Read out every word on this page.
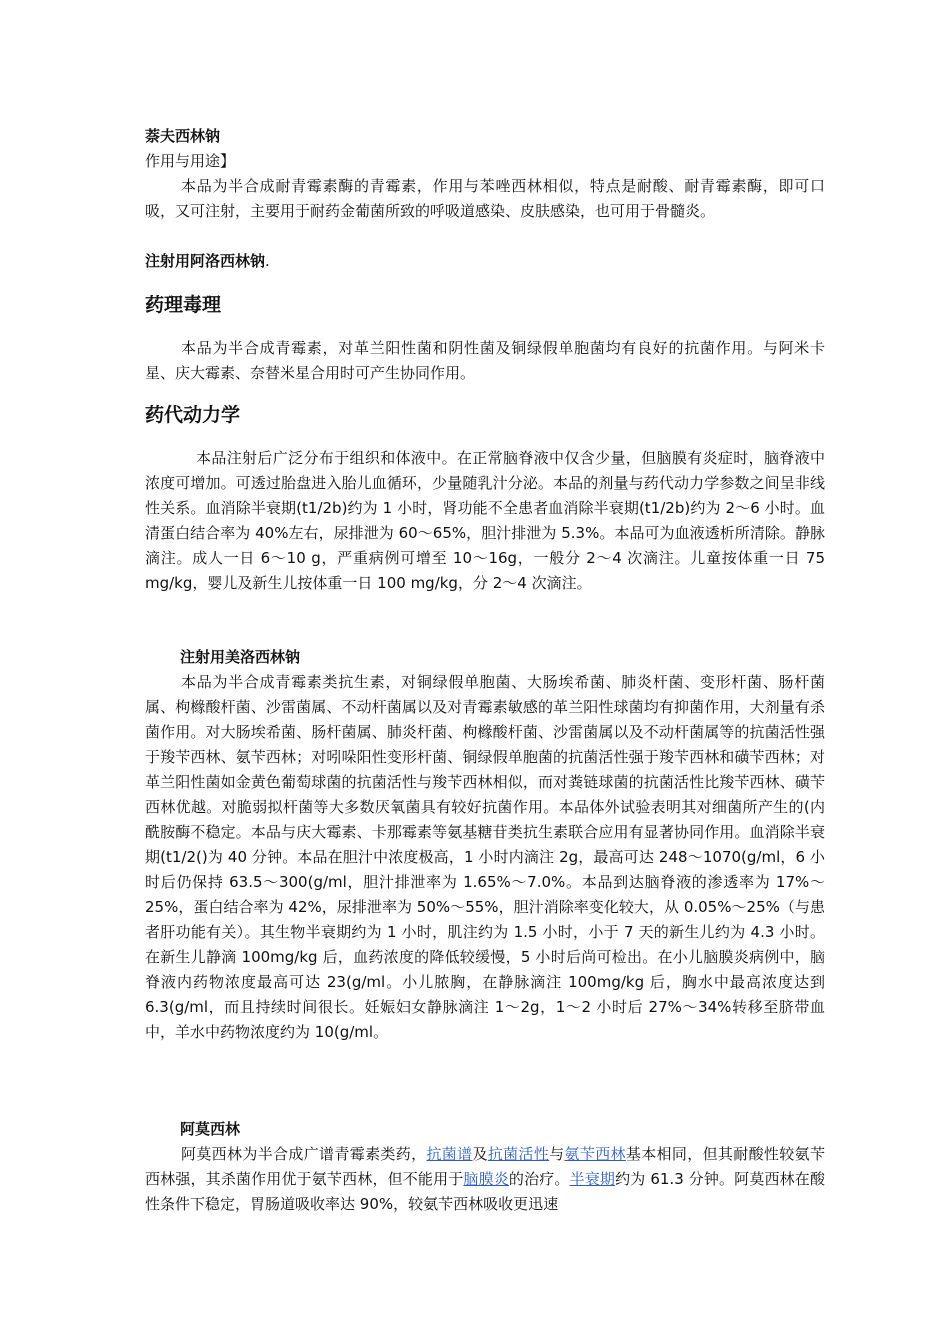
萘夫西林钠

作用与用途】

本品为半合成耐青霉素酶的青霉素，作用与苯唑西林相似，特点是耐酸、耐青霉素酶，即可口吸，又可注射，主要用于耐药金葡菌所致的呼吸道感染、皮肤感染，也可用于骨髓炎。

注射用阿洛西林钠.

药理毒理

本品为半合成青霉素，对革兰阳性菌和阴性菌及铜绿假单胞菌均有良好的抗菌作用。与阿米卡星、庆大霉素、奈替米星合用时可产生协同作用。

药代动力学

本品注射后广泛分布于组织和体液中。在正常脑脊液中仅含少量，但脑膜有炎症时，脑脊液中浓度可增加。可透过胎盘进入胎儿血循环，少量随乳汁分泌。本品的剂量与药代动力学参数之间呈非线性关系。血消除半衰期(t1/2b)约为 1 小时，肾功能不全患者血消除半衰期(t1/2b)约为 2～6 小时。血清蛋白结合率为 40%左右，尿排泄为 60～65%，胆汁排泄为 5.3%。本品可为血液透析所清除。静脉滴注。成人一日 6～10 g，严重病例可增至 10～16g，一般分 2～4 次滴注。儿童按体重一日 75 mg/kg，婴儿及新生儿按体重一日 100 mg/kg，分 2～4 次滴注。

注射用美洛西林钠

本品为半合成青霉素类抗生素，对铜绿假单胞菌、大肠埃希菌、肺炎杆菌、变形杆菌、肠杆菌属、枸橼酸杆菌、沙雷菌属、不动杆菌属以及对青霉素敏感的革兰阳性球菌均有抑菌作用，大剂量有杀菌作用。对大肠埃希菌、肠杆菌属、肺炎杆菌、枸橼酸杆菌、沙雷菌属以及不动杆菌属等的抗菌活性强于羧苄西林、氨苄西林；对吲哚阳性变形杆菌、铜绿假单胞菌的抗菌活性强于羧苄西林和磺苄西林；对革兰阳性菌如金黄色葡萄球菌的抗菌活性与羧苄西林相似，而对粪链球菌的抗菌活性比羧苄西林、磺苄西林优越。对脆弱拟杆菌等大多数厌氧菌具有较好抗菌作用。本品体外试验表明其对细菌所产生的(内酰胺酶不稳定。本品与庆大霉素、卡那霉素等氨基糖苷类抗生素联合应用有显著协同作用。血消除半衰期(t1/2()为 40 分钟。本品在胆汁中浓度极高，1 小时内滴注 2g，最高可达 248～1070(g/ml，6 小时后仍保持 63.5～300(g/ml，胆汁排泄率为 1.65%～7.0%。本品到达脑脊液的渗透率为 17%～25%，蛋白结合率为 42%，尿排泄率为 50%～55%，胆汁消除率变化较大，从 0.05%～25%（与患者肝功能有关）。其生物半衰期约为 1 小时，肌注约为 1.5 小时，小于 7 天的新生儿约为 4.3 小时。在新生儿静滴 100mg/kg 后，血药浓度的降低较缓慢，5 小时后尚可检出。在小儿脑膜炎病例中，脑脊液内药物浓度最高可达 23(g/ml。小儿脓胸，在静脉滴注 100mg/kg 后，胸水中最高浓度达到 6.3(g/ml，而且持续时间很长。妊娠妇女静脉滴注 1～2g，1～2 小时后 27%～34%转移至脐带血中，羊水中药物浓度约为 10(g/ml。

阿莫西林

阿莫西林为半合成广谱青霉素类药，抗菌谱及抗菌活性与氨苄西林基本相同，但其耐酸性较氨苄西林强，其杀菌作用优于氨苄西林，但不能用于脑膜炎的治疗。半衰期约为 61.3 分钟。阿莫西林在酸性条件下稳定，胃肠道吸收率达 90%，较氨苄西林吸收更迅速
